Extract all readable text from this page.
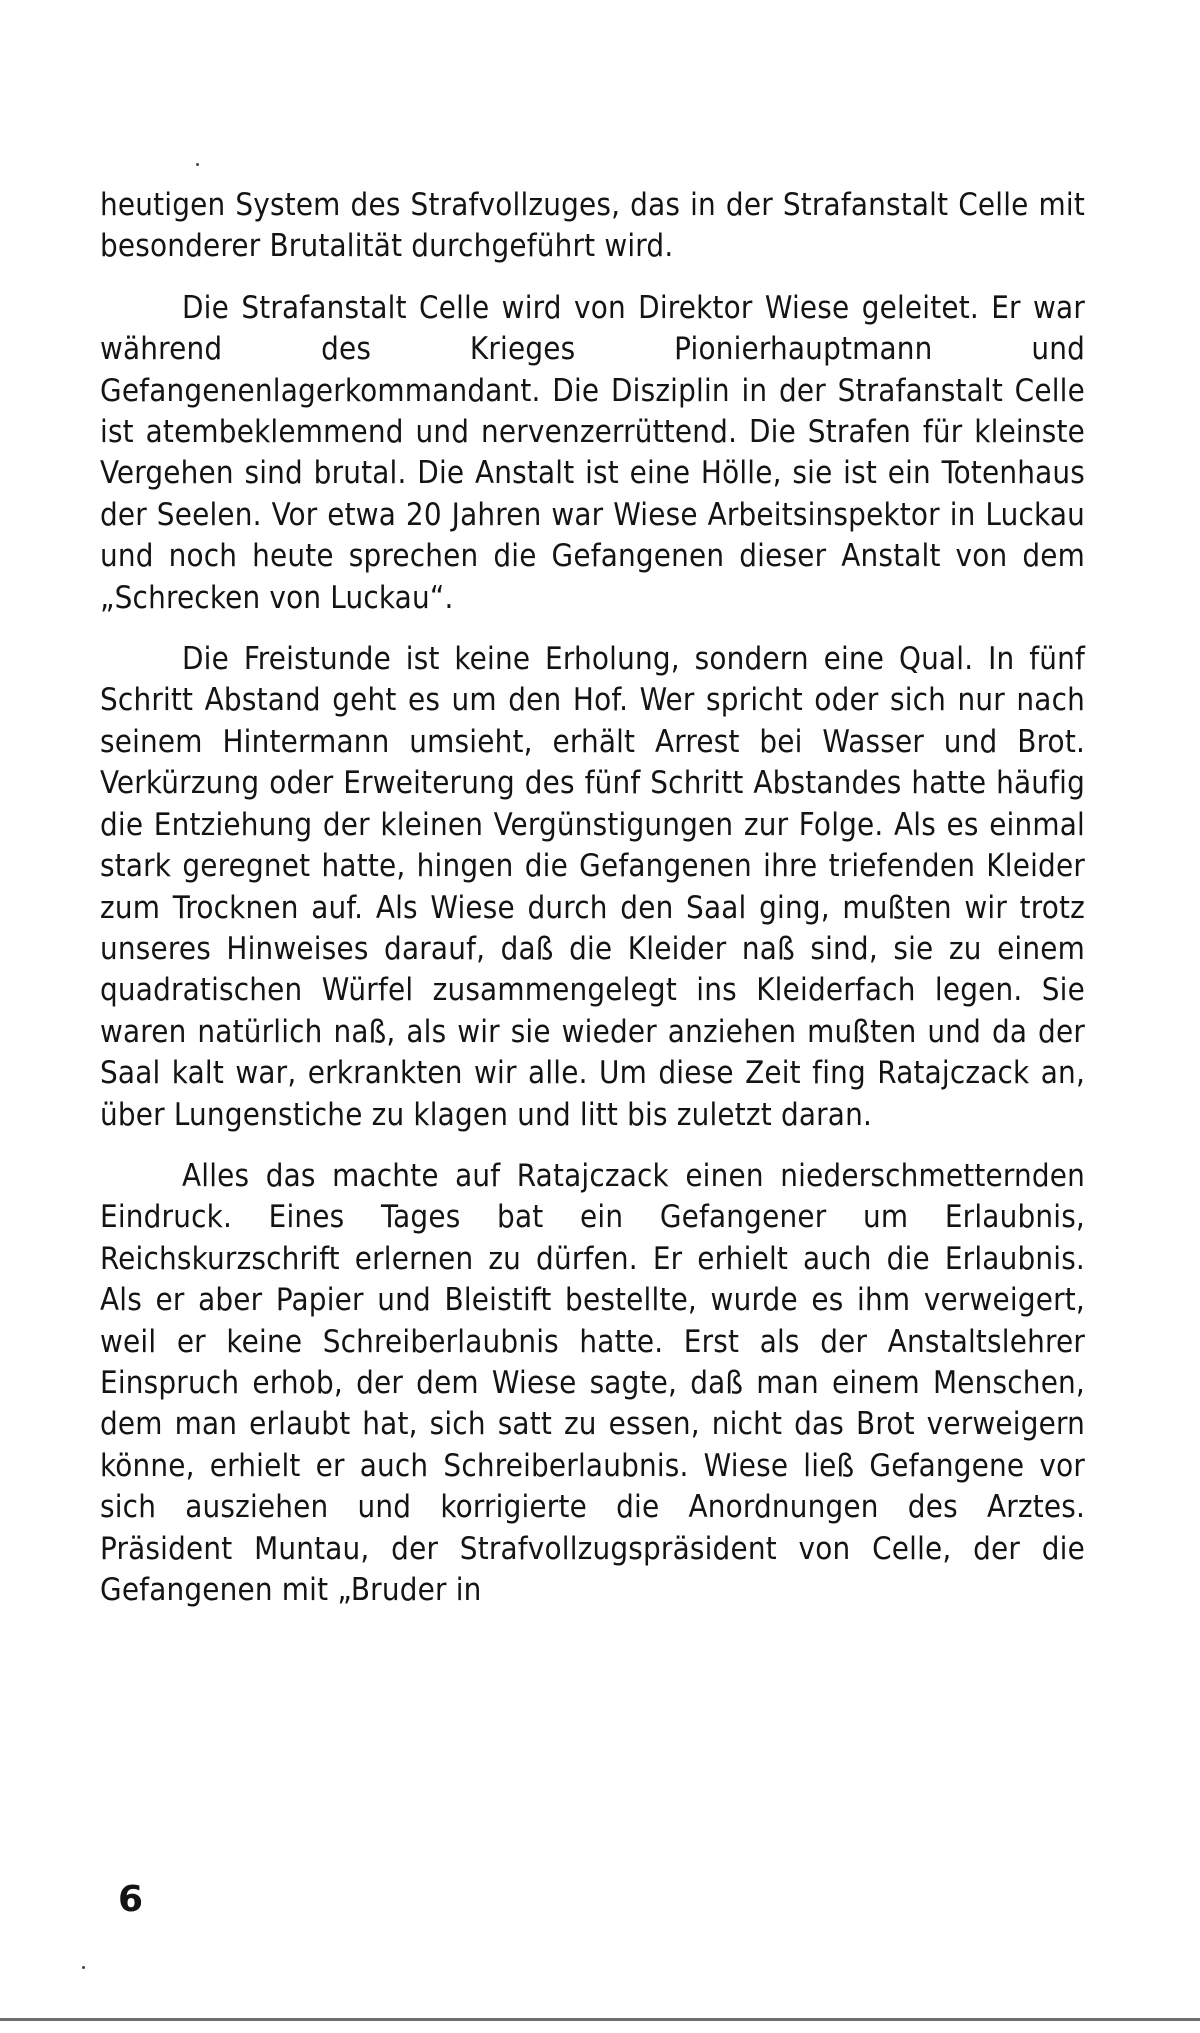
heutigen System des Strafvollzuges, das in der Strafanstalt Celle mit besonderer Brutalität durchgeführt wird.

Die Strafanstalt Celle wird von Direktor Wiese geleitet. Er war während des Krieges Pionierhauptmann und Gefangenenlagerkommandant. Die Disziplin in der Strafanstalt Celle ist atembeklemmend und nervenzerrüttend. Die Strafen für kleinste Vergehen sind brutal. Die Anstalt ist eine Hölle, sie ist ein Totenhaus der Seelen. Vor etwa 20 Jahren war Wiese Arbeitsinspektor in Luckau und noch heute sprechen die Gefangenen dieser Anstalt von dem „Schrecken von Luckau“.

Die Freistunde ist keine Erholung, sondern eine Qual. In fünf Schritt Abstand geht es um den Hof. Wer spricht oder sich nur nach seinem Hintermann umsieht, erhält Arrest bei Wasser und Brot. Verkürzung oder Erweiterung des fünf Schritt Abstandes hatte häufig die Entziehung der kleinen Vergünstigungen zur Folge. Als es einmal stark geregnet hatte, hingen die Gefangenen ihre triefenden Kleider zum Trocknen auf. Als Wiese durch den Saal ging, mußten wir trotz unseres Hinweises darauf, daß die Kleider naß sind, sie zu einem quadratischen Würfel zusammengelegt ins Kleiderfach legen. Sie waren natürlich naß, als wir sie wieder anziehen mußten und da der Saal kalt war, erkrankten wir alle. Um diese Zeit fing Ratajczack an, über Lungenstiche zu klagen und litt bis zuletzt daran.

Alles das machte auf Ratajczack einen niederschmetternden Eindruck. Eines Tages bat ein Gefangener um Erlaubnis, Reichskurzschrift erlernen zu dürfen. Er erhielt auch die Erlaubnis. Als er aber Papier und Bleistift bestellte, wurde es ihm verweigert, weil er keine Schreiberlaubnis hatte. Erst als der Anstaltslehrer Einspruch erhob, der dem Wiese sagte, daß man einem Menschen, dem man erlaubt hat, sich satt zu essen, nicht das Brot verweigern könne, erhielt er auch Schreiberlaubnis. Wiese ließ Gefangene vor sich ausziehen und korrigierte die Anordnungen des Arztes. Präsident Muntau, der Strafvollzugspräsident von Celle, der die Gefangenen mit „Bruder in

6
